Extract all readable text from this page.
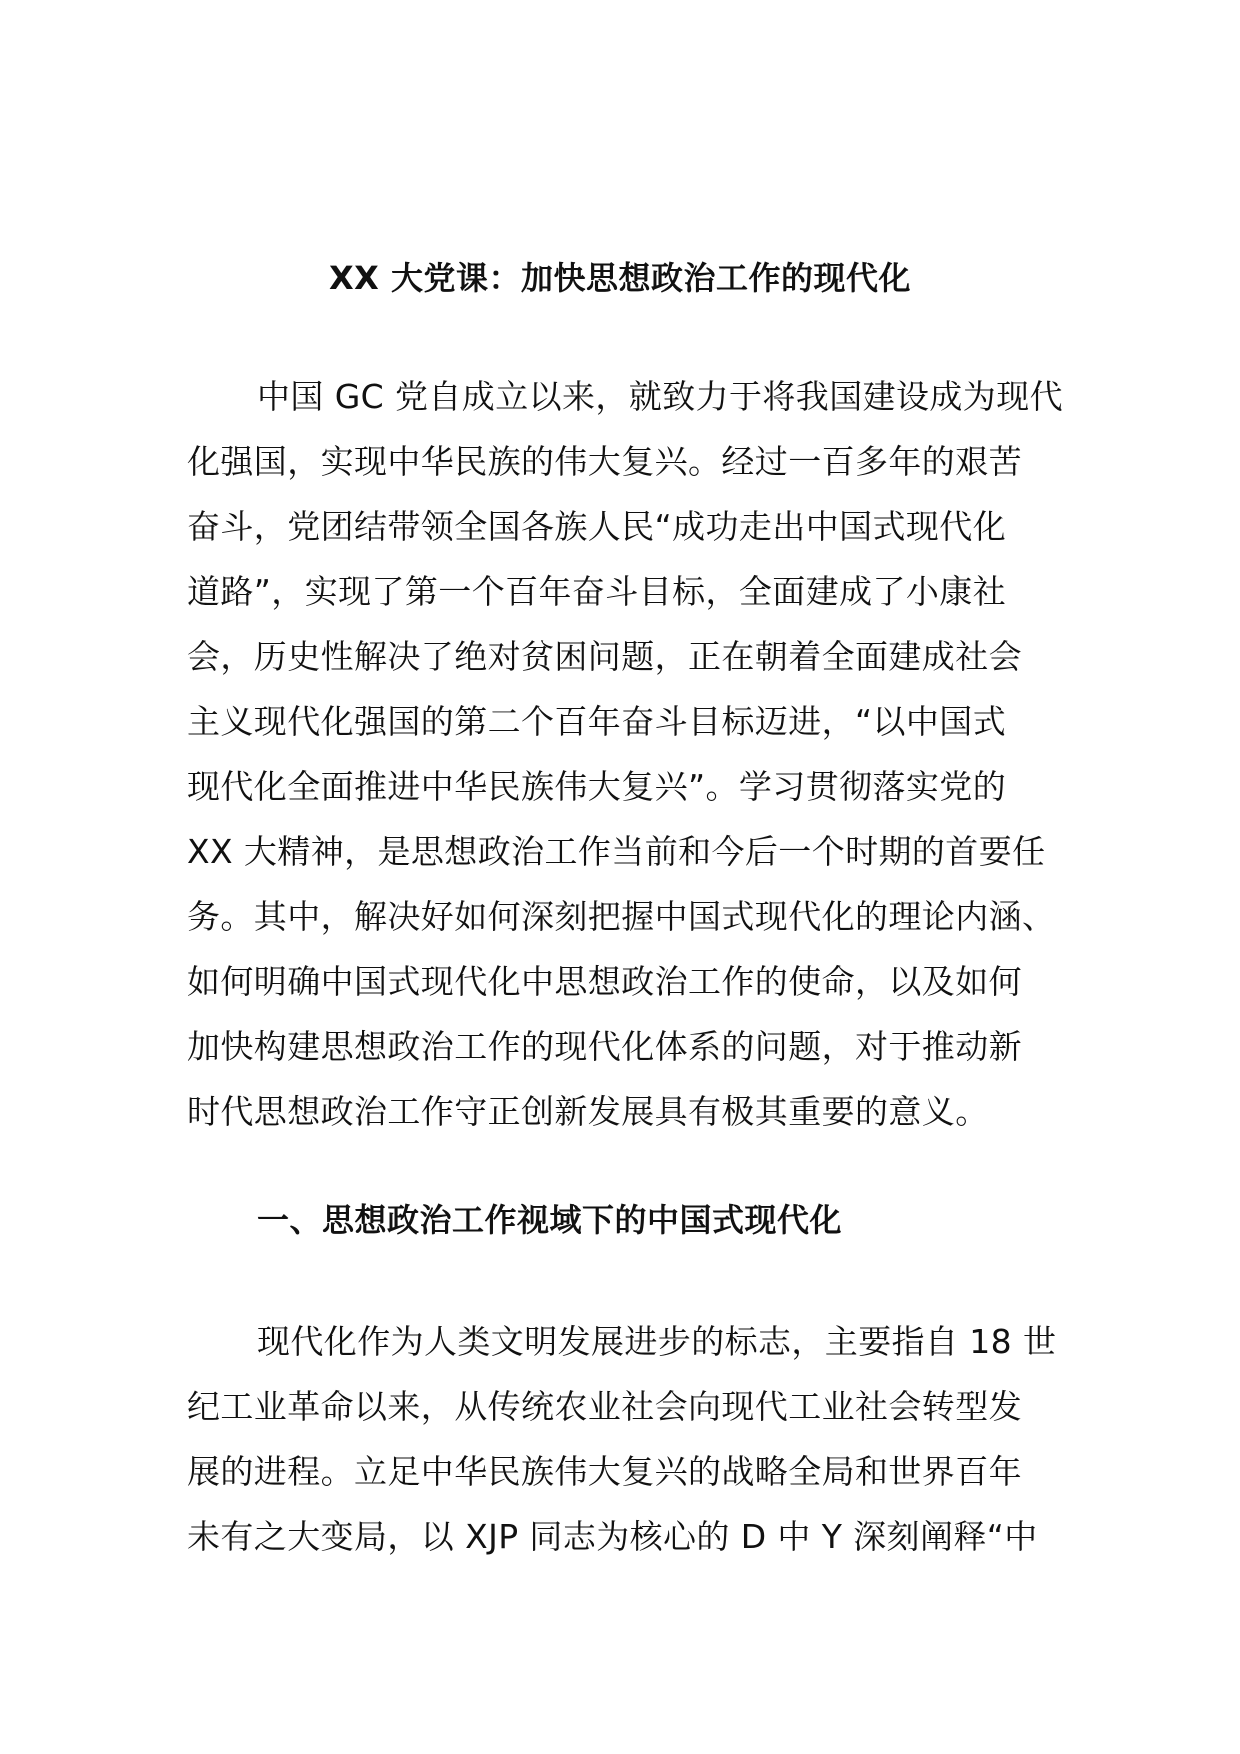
XX 大党课：加快思想政治工作的现代化
中国 GC 党自成立以来，就致力于将我国建设成为现代
化强国，实现中华民族的伟大复兴。经过一百多年的艰苦
奋斗，党团结带领全国各族人民“成功走出中国式现代化
道路”，实现了第一个百年奋斗目标，全面建成了小康社
会，历史性解决了绝对贫困问题，正在朝着全面建成社会
主义现代化强国的第二个百年奋斗目标迈进，“以中国式
现代化全面推进中华民族伟大复兴”。学习贯彻落实党的
XX 大精神，是思想政治工作当前和今后一个时期的首要任
务。其中，解决好如何深刻把握中国式现代化的理论内涵、
如何明确中国式现代化中思想政治工作的使命，以及如何
加快构建思想政治工作的现代化体系的问题，对于推动新
时代思想政治工作守正创新发展具有极其重要的意义。
一、思想政治工作视域下的中国式现代化
现代化作为人类文明发展进步的标志，主要指自 18 世
纪工业革命以来，从传统农业社会向现代工业社会转型发
展的进程。立足中华民族伟大复兴的战略全局和世界百年
未有之大变局，以 XJP 同志为核心的 D 中 Y 深刻阐释“中
